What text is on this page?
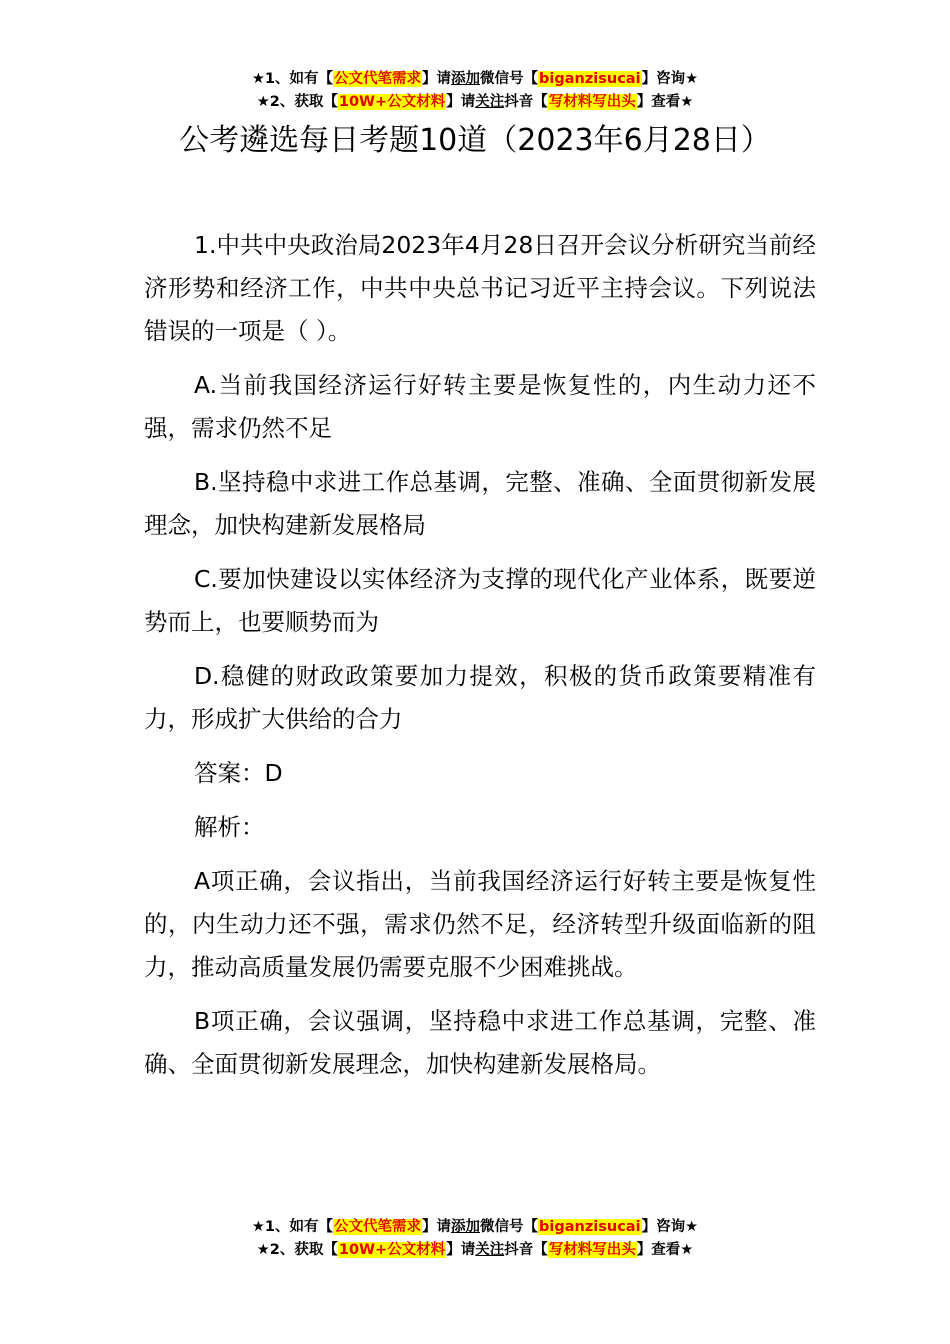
★1、如有【公文代笔需求】请添加微信号【biganzisucai】咨询★
★2、获取【10W+公文材料】请关注抖音【写材料写出头】查看★
公考遴选每日考题10道（2023年6月28日）

1.中共中央政治局2023年4月28日召开会议分析研究当前经济形势和经济工作，中共中央总书记习近平主持会议。下列说法错误的一项是（ ）。

A.当前我国经济运行好转主要是恢复性的，内生动力还不强，需求仍然不足

B.坚持稳中求进工作总基调，完整、准确、全面贯彻新发展理念，加快构建新发展格局

C.要加快建设以实体经济为支撑的现代化产业体系，既要逆势而上，也要顺势而为

D.稳健的财政政策要加力提效，积极的货币政策要精准有力，形成扩大供给的合力

答案：D

解析：

A项正确，会议指出，当前我国经济运行好转主要是恢复性的，内生动力还不强，需求仍然不足，经济转型升级面临新的阻力，推动高质量发展仍需要克服不少困难挑战。

B项正确，会议强调，坚持稳中求进工作总基调，完整、准确、全面贯彻新发展理念，加快构建新发展格局。

★1、如有【公文代笔需求】请添加微信号【biganzisucai】咨询★
★2、获取【10W+公文材料】请关注抖音【写材料写出头】查看★
